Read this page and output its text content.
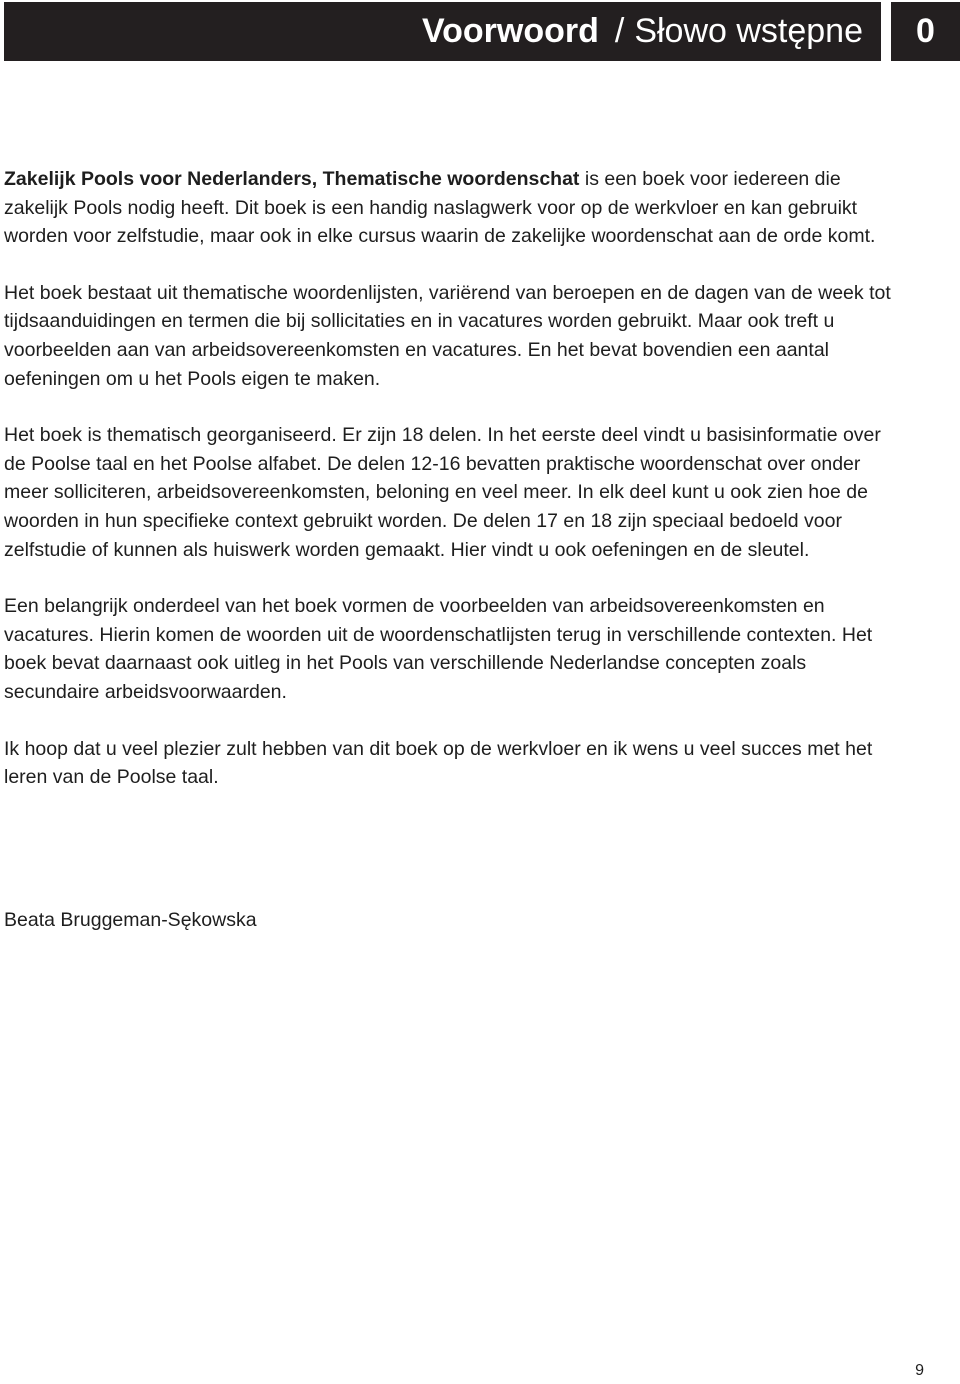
Voorwoord / Słowo wstępne	0

Zakelijk Pools voor Nederlanders, Thematische woordenschat is een boek voor iedereen die zakelijk Pools nodig heeft. Dit boek is een handig naslagwerk voor op de werkvloer en kan gebruikt worden voor zelfstudie, maar ook in elke cursus waarin de zakelijke woordenschat aan de orde komt.

Het boek bestaat uit thematische woordenlijsten, variërend van beroepen en de dagen van de week tot tijdsaanduidingen en termen die bij sollicitaties en in vacatures worden gebruikt. Maar ook treft u voorbeelden aan van arbeidsovereenkomsten en vacatures. En het bevat bovendien een aantal oefeningen om u het Pools eigen te maken.

Het boek is thematisch georganiseerd. Er zijn 18 delen. In het eerste deel vindt u basisinformatie over de Poolse taal en het Poolse alfabet. De delen 12-16 bevatten praktische woordenschat over onder meer solliciteren, arbeidsovereenkomsten, beloning en veel meer. In elk deel kunt u ook zien hoe de woorden in hun specifieke context gebruikt worden. De delen 17 en 18 zijn speciaal bedoeld voor zelfstudie of kunnen als huiswerk worden gemaakt. Hier vindt u ook oefeningen en de sleutel.

Een belangrijk onderdeel van het boek vormen de voorbeelden van arbeidsovereenkomsten en vacatures. Hierin komen de woorden uit de woordenschatlijsten terug in verschillende contexten. Het boek bevat daarnaast ook uitleg in het Pools van verschillende Nederlandse concepten zoals secundaire arbeidsvoorwaarden.

Ik hoop dat u veel plezier zult hebben van dit boek op de werkvloer en ik wens u veel succes met het leren van de Poolse taal.

Beata Bruggeman-Sękowska
9
